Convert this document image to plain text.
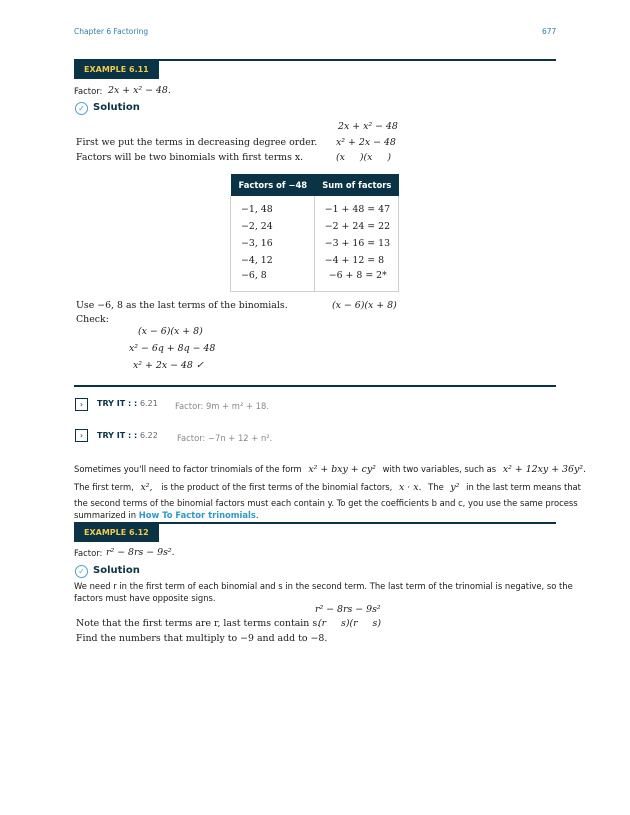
Chapter 6 Factoring	677
EXAMPLE 6.11
Factor: 2x + x² − 48.
✓ Solution
2x + x² − 48
First we put the terms in decreasing degree order. x² + 2x − 48
Factors will be two binomials with first terms x.	(x     )(x     )
Factors of −48	Sum of factors
−1, 48	−1 + 48 = 47
−2, 24	−2 + 24 = 22
−3, 16	−3 + 16 = 13
−4, 12	−4 + 12 = 8
−6, 8	−6 + 8 = 2*
Use −6, 8 as the last terms of the binomials.	(x − 6)(x + 8)
Check:
(x − 6)(x + 8)
x² − 6q + 8q − 48
x² + 2x − 48 ✓
›	TRY IT : : 6.21 Factor: 9m + m² + 18.
›	TRY IT : : 6.22 Factor: −7n + 12 + n².
Sometimes you'll need to factor trinomials of the form x² + bxy + cy² with two variables, such as x² + 12xy + 36y².
The first term, x², is the product of the first terms of the binomial factors, x · x. The y² in the last term means that
the second terms of the binomial factors must each contain y. To get the coefficients b and c, you use the same process
summarized in How To Factor trinomials.
EXAMPLE 6.12
Factor: r² − 8rs − 9s².
✓ Solution
We need r in the first term of each binomial and s in the second term. The last term of the trinomial is negative, so the
factors must have opposite signs.
r² − 8rs − 9s²
Note that the first terms are r, last terms contain s.
(r     s)(r     s)
Find the numbers that multiply to −9 and add to −8.
